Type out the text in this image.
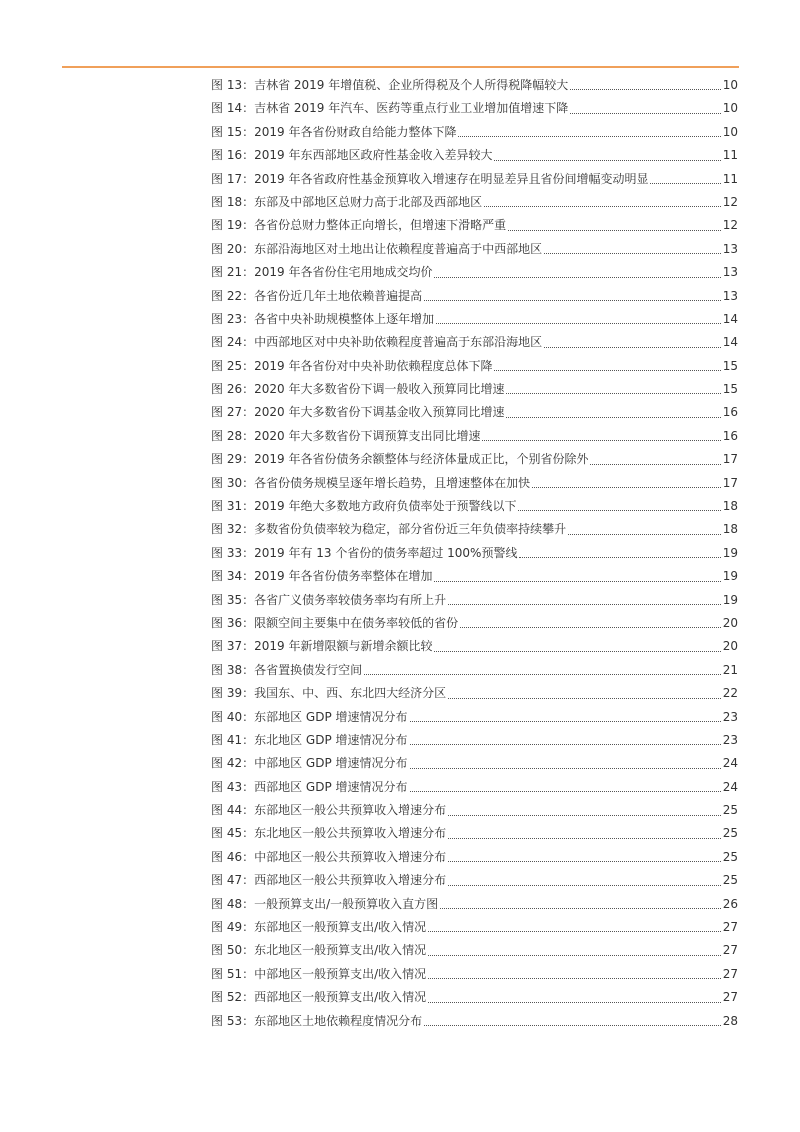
图 13：吉林省 2019 年增值税、企业所得税及个人所得税降幅较大	10
图 14：吉林省 2019 年汽车、医药等重点行业工业增加值增速下降	10
图 15：2019 年各省份财政自给能力整体下降	10
图 16：2019 年东西部地区政府性基金收入差异较大	11
图 17：2019 年各省政府性基金预算收入增速存在明显差异且省份间增幅变动明显	11
图 18：东部及中部地区总财力高于北部及西部地区	12
图 19：各省份总财力整体正向增长，但增速下滑略严重	12
图 20：东部沿海地区对土地出让依赖程度普遍高于中西部地区	13
图 21：2019 年各省份住宅用地成交均价	13
图 22：各省份近几年土地依赖普遍提高	13
图 23：各省中央补助规模整体上逐年增加	14
图 24：中西部地区对中央补助依赖程度普遍高于东部沿海地区	14
图 25：2019 年各省份对中央补助依赖程度总体下降	15
图 26：2020 年大多数省份下调一般收入预算同比增速	15
图 27：2020 年大多数省份下调基金收入预算同比增速	16
图 28：2020 年大多数省份下调预算支出同比增速	16
图 29：2019 年各省份债务余额整体与经济体量成正比，个别省份除外	17
图 30：各省份债务规模呈逐年增长趋势，且增速整体在加快	17
图 31：2019 年绝大多数地方政府负债率处于预警线以下	18
图 32：多数省份负债率较为稳定，部分省份近三年负债率持续攀升	18
图 33：2019 年有 13 个省份的债务率超过 100%预警线	19
图 34：2019 年各省份债务率整体在增加	19
图 35：各省广义债务率较债务率均有所上升	19
图 36：限额空间主要集中在债务率较低的省份	20
图 37：2019 年新增限额与新增余额比较	20
图 38：各省置换债发行空间	21
图 39：我国东、中、西、东北四大经济分区	22
图 40：东部地区 GDP 增速情况分布	23
图 41：东北地区 GDP 增速情况分布	23
图 42：中部地区 GDP 增速情况分布	24
图 43：西部地区 GDP 增速情况分布	24
图 44：东部地区一般公共预算收入增速分布	25
图 45：东北地区一般公共预算收入增速分布	25
图 46：中部地区一般公共预算收入增速分布	25
图 47：西部地区一般公共预算收入增速分布	25
图 48：一般预算支出/一般预算收入直方图	26
图 49：东部地区一般预算支出/收入情况	27
图 50：东北地区一般预算支出/收入情况	27
图 51：中部地区一般预算支出/收入情况	27
图 52：西部地区一般预算支出/收入情况	27
图 53：东部地区土地依赖程度情况分布	28
